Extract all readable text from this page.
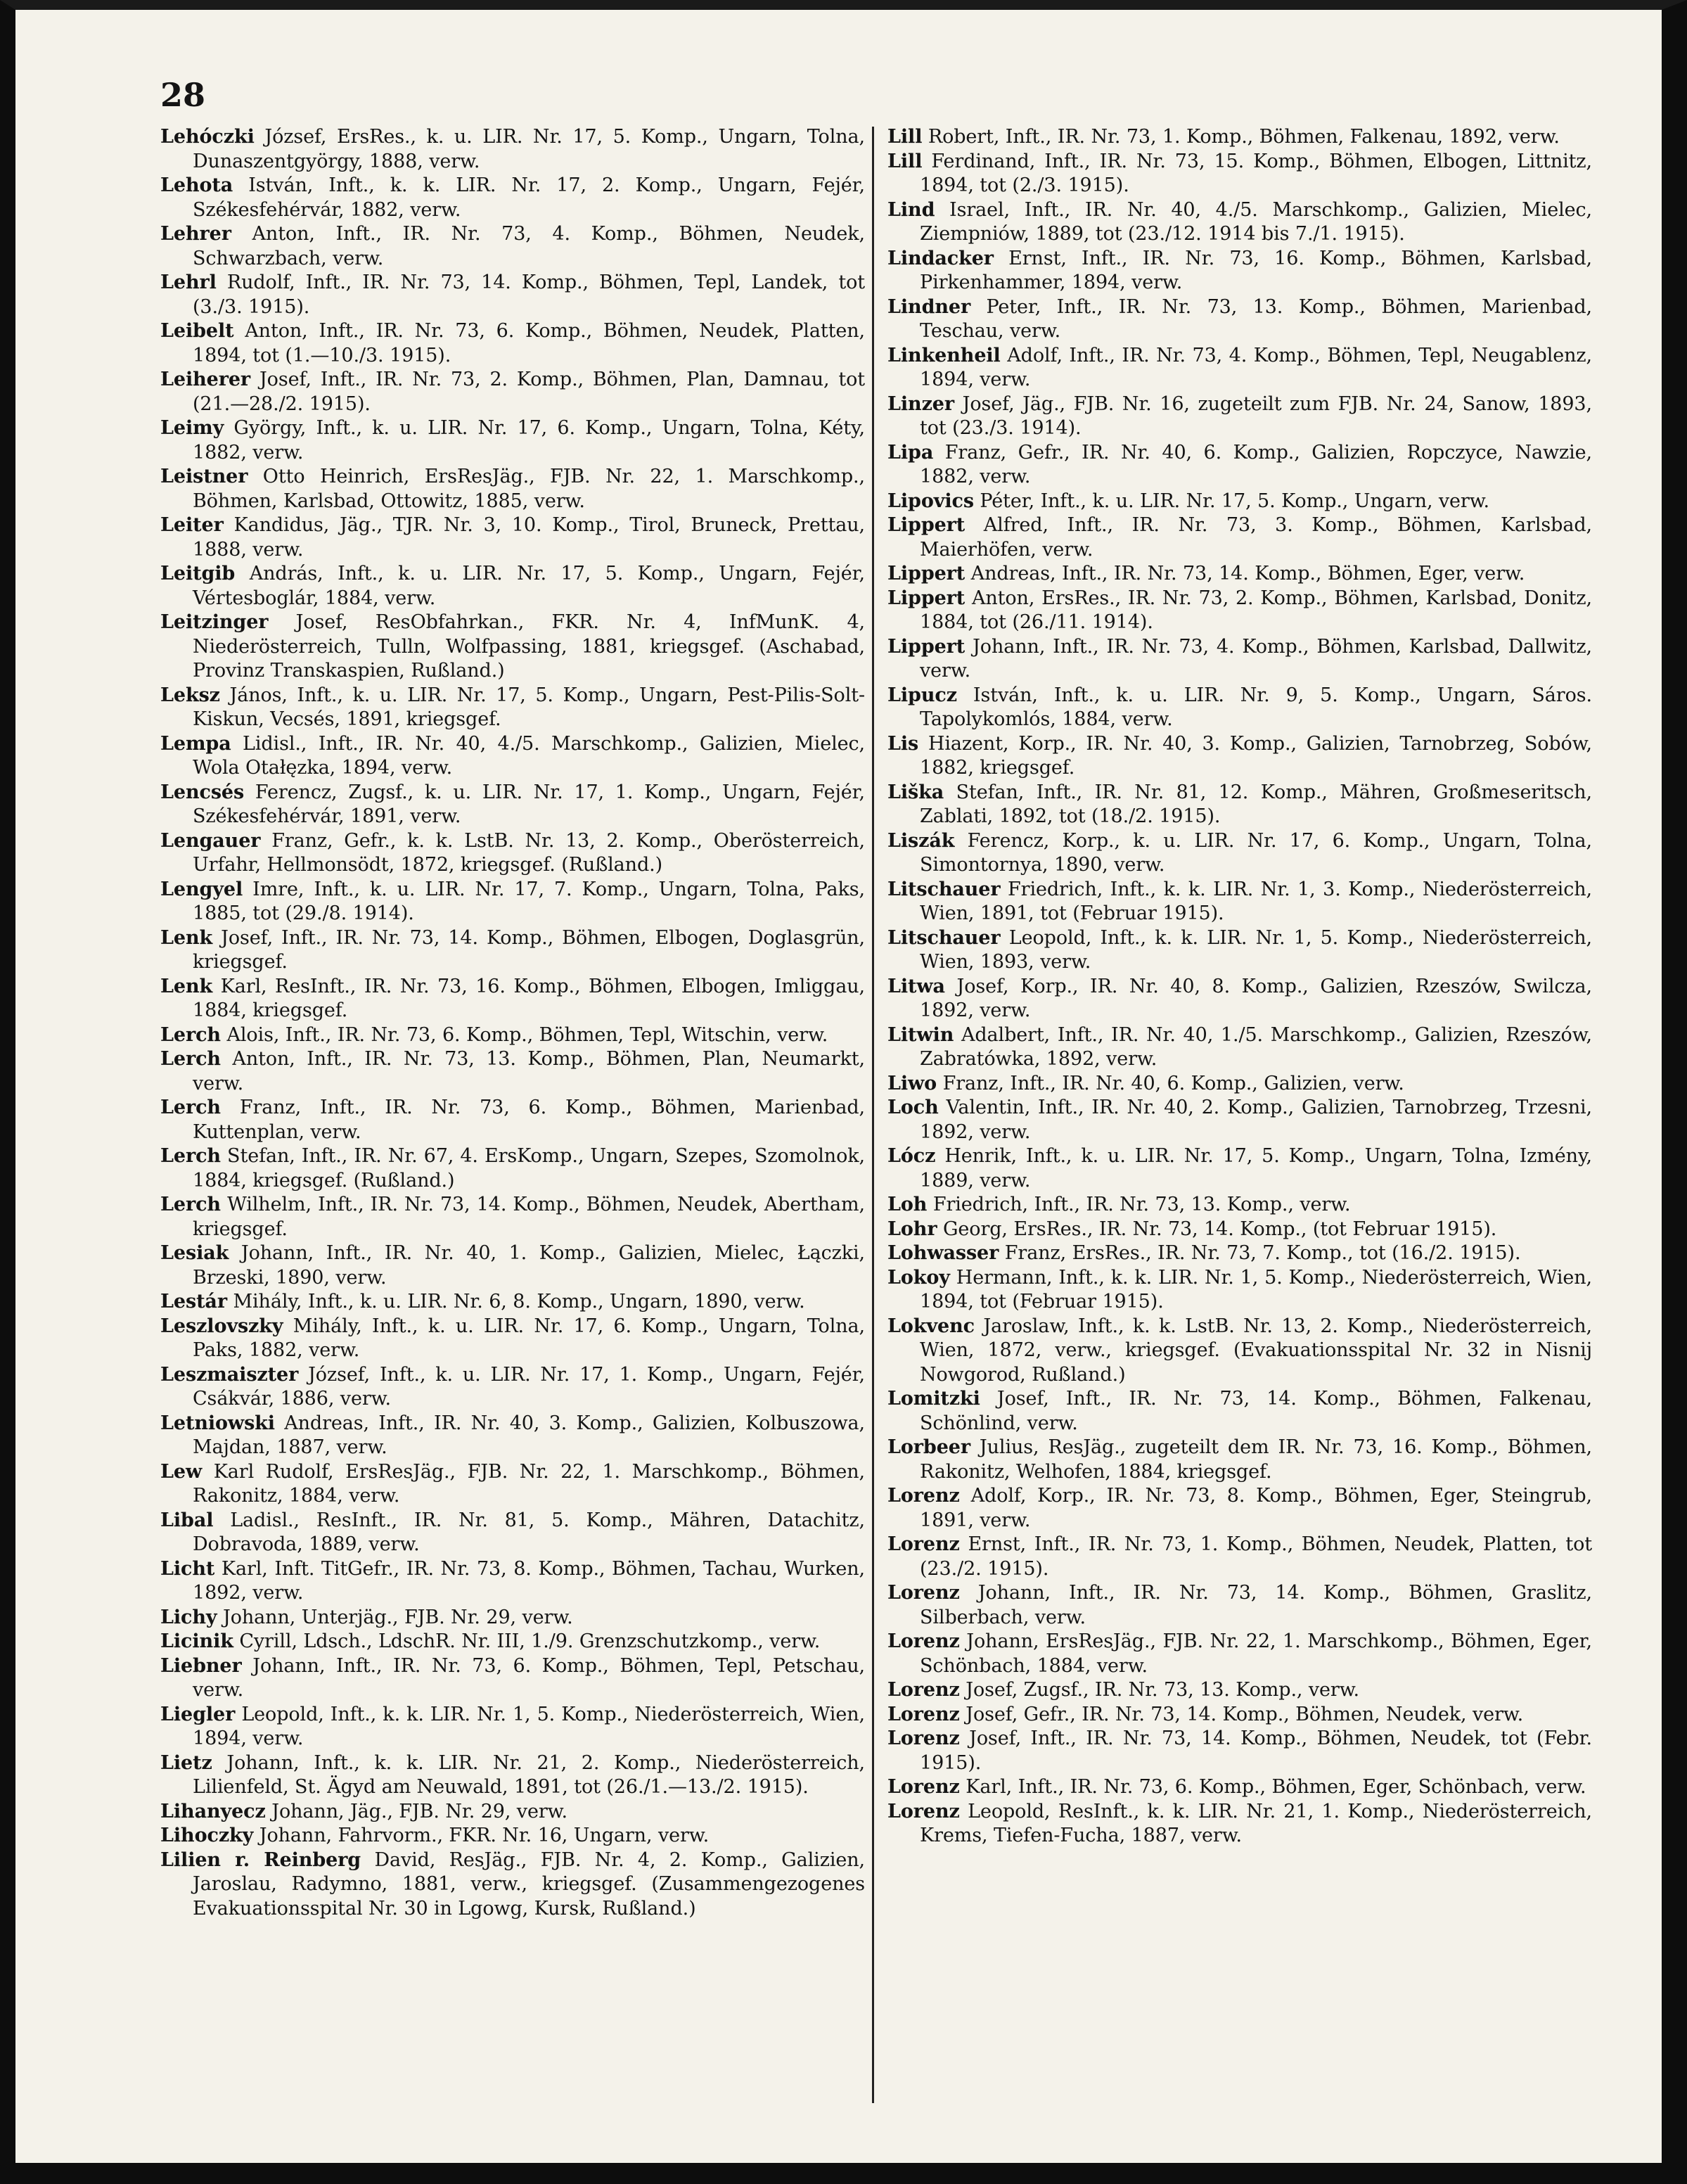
28
Lehóczki József, ErsRes., k. u. LIR. Nr. 17, 5. Komp., Ungarn, Tolna, Dunaszentgyörgy, 1888, verw.
Lehota István, Inft., k. k. LIR. Nr. 17, 2. Komp., Ungarn, Fejér, Székesfehérvár, 1882, verw.
Lehrer Anton, Inft., IR. Nr. 73, 4. Komp., Böhmen, Neudek, Schwarzbach, verw.
Lehrl Rudolf, Inft., IR. Nr. 73, 14. Komp., Böhmen, Tepl, Landek, tot (3./3. 1915).
Leibelt Anton, Inft., IR. Nr. 73, 6. Komp., Böhmen, Neudek, Platten, 1894, tot (1.—10./3. 1915).
Leiherer Josef, Inft., IR. Nr. 73, 2. Komp., Böhmen, Plan, Damnau, tot (21.—28./2. 1915).
Leimy György, Inft., k. u. LIR. Nr. 17, 6. Komp., Ungarn, Tolna, Kéty, 1882, verw.
Leistner Otto Heinrich, ErsResJäg., FJB. Nr. 22, 1. Marschkomp., Böhmen, Karlsbad, Ottowitz, 1885, verw.
Leiter Kandidus, Jäg., TJR. Nr. 3, 10. Komp., Tirol, Bruneck, Prettau, 1888, verw.
Leitgib András, Inft., k. u. LIR. Nr. 17, 5. Komp., Ungarn, Fejér, Vértesboglár, 1884, verw.
Leitzinger Josef, ResObfahrkan., FKR. Nr. 4, InfMunK. 4, Niederösterreich, Tulln, Wolfpassing, 1881, kriegsgef. (Aschabad, Provinz Transkaspien, Rußland.)
Leksz János, Inft., k. u. LIR. Nr. 17, 5. Komp., Ungarn, Pest-Pilis-Solt-Kiskun, Vecsés, 1891, kriegsgef.
Lempa Lidisl., Inft., IR. Nr. 40, 4./5. Marschkomp., Galizien, Mielec, Wola Otałęzka, 1894, verw.
Lencsés Ferencz, Zugsf., k. u. LIR. Nr. 17, 1. Komp., Ungarn, Fejér, Székesfehérvár, 1891, verw.
Lengauer Franz, Gefr., k. k. LstB. Nr. 13, 2. Komp., Oberösterreich, Urfahr, Hellmonsödt, 1872, kriegsgef. (Rußland.)
Lengyel Imre, Inft., k. u. LIR. Nr. 17, 7. Komp., Ungarn, Tolna, Paks, 1885, tot (29./8. 1914).
Lenk Josef, Inft., IR. Nr. 73, 14. Komp., Böhmen, Elbogen, Doglasgrün, kriegsgef.
Lenk Karl, ResInft., IR. Nr. 73, 16. Komp., Böhmen, Elbogen, Imliggau, 1884, kriegsgef.
Lerch Alois, Inft., IR. Nr. 73, 6. Komp., Böhmen, Tepl, Witschin, verw.
Lerch Anton, Inft., IR. Nr. 73, 13. Komp., Böhmen, Plan, Neumarkt, verw.
Lerch Franz, Inft., IR. Nr. 73, 6. Komp., Böhmen, Marienbad, Kuttenplan, verw.
Lerch Stefan, Inft., IR. Nr. 67, 4. ErsKomp., Ungarn, Szepes, Szomolnok, 1884, kriegsgef. (Rußland.)
Lerch Wilhelm, Inft., IR. Nr. 73, 14. Komp., Böhmen, Neudek, Abertham, kriegsgef.
Lesiak Johann, Inft., IR. Nr. 40, 1. Komp., Galizien, Mielec, Łączki, Brzeski, 1890, verw.
Lestár Mihály, Inft., k. u. LIR. Nr. 6, 8. Komp., Ungarn, 1890, verw.
Leszlovszky Mihály, Inft., k. u. LIR. Nr. 17, 6. Komp., Ungarn, Tolna, Paks, 1882, verw.
Leszmaiszter József, Inft., k. u. LIR. Nr. 17, 1. Komp., Ungarn, Fejér, Csákvár, 1886, verw.
Letniowski Andreas, Inft., IR. Nr. 40, 3. Komp., Galizien, Kolbuszowa, Majdan, 1887, verw.
Lew Karl Rudolf, ErsResJäg., FJB. Nr. 22, 1. Marschkomp., Böhmen, Rakonitz, 1884, verw.
Libal Ladisl., ResInft., IR. Nr. 81, 5. Komp., Mähren, Datachitz, Dobravoda, 1889, verw.
Licht Karl, Inft. TitGefr., IR. Nr. 73, 8. Komp., Böhmen, Tachau, Wurken, 1892, verw.
Lichy Johann, Unterjäg., FJB. Nr. 29, verw.
Licinik Cyrill, Ldsch., LdschR. Nr. III, 1./9. Grenzschutzkomp., verw.
Liebner Johann, Inft., IR. Nr. 73, 6. Komp., Böhmen, Tepl, Petschau, verw.
Liegler Leopold, Inft., k. k. LIR. Nr. 1, 5. Komp., Niederösterreich, Wien, 1894, verw.
Lietz Johann, Inft., k. k. LIR. Nr. 21, 2. Komp., Niederösterreich, Lilienfeld, St. Ägyd am Neuwald, 1891, tot (26./1.—13./2. 1915).
Lihanyecz Johann, Jäg., FJB. Nr. 29, verw.
Lihoczky Johann, Fahrvorm., FKR. Nr. 16, Ungarn, verw.
Lilien r. Reinberg David, ResJäg., FJB. Nr. 4, 2. Komp., Galizien, Jaroslau, Radymno, 1881, verw., kriegsgef. (Zusammengezogenes Evakuationsspital Nr. 30 in Lgowg, Kursk, Rußland.)
Lill Robert, Inft., IR. Nr. 73, 1. Komp., Böhmen, Falkenau, 1892, verw.
Lill Ferdinand, Inft., IR. Nr. 73, 15. Komp., Böhmen, Elbogen, Littnitz, 1894, tot (2./3. 1915).
Lind Israel, Inft., IR. Nr. 40, 4./5. Marschkomp., Galizien, Mielec, Ziempniów, 1889, tot (23./12. 1914 bis 7./1. 1915).
Lindacker Ernst, Inft., IR. Nr. 73, 16. Komp., Böhmen, Karlsbad, Pirkenhammer, 1894, verw.
Lindner Peter, Inft., IR. Nr. 73, 13. Komp., Böhmen, Marienbad, Teschau, verw.
Linkenheil Adolf, Inft., IR. Nr. 73, 4. Komp., Böhmen, Tepl, Neugablenz, 1894, verw.
Linzer Josef, Jäg., FJB. Nr. 16, zugeteilt zum FJB. Nr. 24, Sanow, 1893, tot (23./3. 1914).
Lipa Franz, Gefr., IR. Nr. 40, 6. Komp., Galizien, Ropczyce, Nawzie, 1882, verw.
Lipovics Péter, Inft., k. u. LIR. Nr. 17, 5. Komp., Ungarn, verw.
Lippert Alfred, Inft., IR. Nr. 73, 3. Komp., Böhmen, Karlsbad, Maierhöfen, verw.
Lippert Andreas, Inft., IR. Nr. 73, 14. Komp., Böhmen, Eger, verw.
Lippert Anton, ErsRes., IR. Nr. 73, 2. Komp., Böhmen, Karlsbad, Donitz, 1884, tot (26./11. 1914).
Lippert Johann, Inft., IR. Nr. 73, 4. Komp., Böhmen, Karlsbad, Dallwitz, verw.
Lipucz István, Inft., k. u. LIR. Nr. 9, 5. Komp., Ungarn, Sáros. Tapolykomlós, 1884, verw.
Lis Hiazent, Korp., IR. Nr. 40, 3. Komp., Galizien, Tarnobrzeg, Sobów, 1882, kriegsgef.
Liška Stefan, Inft., IR. Nr. 81, 12. Komp., Mähren, Großmeseritsch, Zablati, 1892, tot (18./2. 1915).
Liszák Ferencz, Korp., k. u. LIR. Nr. 17, 6. Komp., Ungarn, Tolna, Simontornya, 1890, verw.
Litschauer Friedrich, Inft., k. k. LIR. Nr. 1, 3. Komp., Niederösterreich, Wien, 1891, tot (Februar 1915).
Litschauer Leopold, Inft., k. k. LIR. Nr. 1, 5. Komp., Niederösterreich, Wien, 1893, verw.
Litwa Josef, Korp., IR. Nr. 40, 8. Komp., Galizien, Rzeszów, Swilcza, 1892, verw.
Litwin Adalbert, Inft., IR. Nr. 40, 1./5. Marschkomp., Galizien, Rzeszów, Zabratówka, 1892, verw.
Liwo Franz, Inft., IR. Nr. 40, 6. Komp., Galizien, verw.
Loch Valentin, Inft., IR. Nr. 40, 2. Komp., Galizien, Tarnobrzeg, Trzesni, 1892, verw.
Lócz Henrik, Inft., k. u. LIR. Nr. 17, 5. Komp., Ungarn, Tolna, Izmény, 1889, verw.
Loh Friedrich, Inft., IR. Nr. 73, 13. Komp., verw.
Lohr Georg, ErsRes., IR. Nr. 73, 14. Komp., (tot Februar 1915).
Lohwasser Franz, ErsRes., IR. Nr. 73, 7. Komp., tot (16./2. 1915).
Lokoy Hermann, Inft., k. k. LIR. Nr. 1, 5. Komp., Niederösterreich, Wien, 1894, tot (Februar 1915).
Lokvenc Jaroslaw, Inft., k. k. LstB. Nr. 13, 2. Komp., Niederösterreich, Wien, 1872, verw., kriegsgef. (Evakuationsspital Nr. 32 in Nisnij Nowgorod, Rußland.)
Lomitzki Josef, Inft., IR. Nr. 73, 14. Komp., Böhmen, Falkenau, Schönlind, verw.
Lorbeer Julius, ResJäg., zugeteilt dem IR. Nr. 73, 16. Komp., Böhmen, Rakonitz, Welhofen, 1884, kriegsgef.
Lorenz Adolf, Korp., IR. Nr. 73, 8. Komp., Böhmen, Eger, Steingrub, 1891, verw.
Lorenz Ernst, Inft., IR. Nr. 73, 1. Komp., Böhmen, Neudek, Platten, tot (23./2. 1915).
Lorenz Johann, Inft., IR. Nr. 73, 14. Komp., Böhmen, Graslitz, Silberbach, verw.
Lorenz Johann, ErsResJäg., FJB. Nr. 22, 1. Marschkomp., Böhmen, Eger, Schönbach, 1884, verw.
Lorenz Josef, Zugsf., IR. Nr. 73, 13. Komp., verw.
Lorenz Josef, Gefr., IR. Nr. 73, 14. Komp., Böhmen, Neudek, verw.
Lorenz Josef, Inft., IR. Nr. 73, 14. Komp., Böhmen, Neudek, tot (Febr. 1915).
Lorenz Karl, Inft., IR. Nr. 73, 6. Komp., Böhmen, Eger, Schönbach, verw.
Lorenz Leopold, ResInft., k. k. LIR. Nr. 21, 1. Komp., Niederösterreich, Krems, Tiefen-Fucha, 1887, verw.
